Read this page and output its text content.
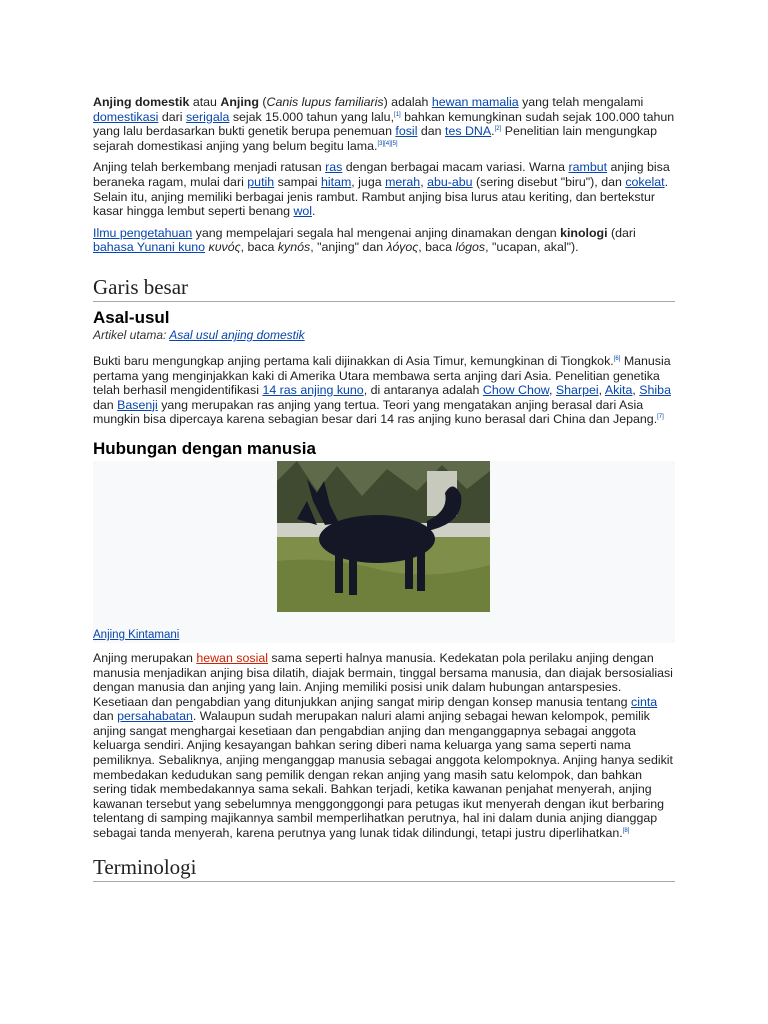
Anjing domestik atau Anjing (Canis lupus familiaris) adalah hewan mamalia yang telah mengalami domestikasi dari serigala sejak 15.000 tahun yang lalu,[1] bahkan kemungkinan sudah sejak 100.000 tahun yang lalu berdasarkan bukti genetik berupa penemuan fosil dan tes DNA.[2] Penelitian lain mengungkap sejarah domestikasi anjing yang belum begitu lama.[3][4][5]

Anjing telah berkembang menjadi ratusan ras dengan berbagai macam variasi. Warna rambut anjing bisa beraneka ragam, mulai dari putih sampai hitam, juga merah, abu-abu (sering disebut "biru"), dan cokelat. Selain itu, anjing memiliki berbagai jenis rambut. Rambut anjing bisa lurus atau keriting, dan bertekstur kasar hingga lembut seperti benang wol.

Ilmu pengetahuan yang mempelajari segala hal mengenai anjing dinamakan dengan kinologi (dari bahasa Yunani kuno κυνός, baca kynós, "anjing" dan λόγος, baca lógos, "ucapan, akal").

Garis besar
Asal-usul
Artikel utama: Asal usul anjing domestik

Bukti baru mengungkap anjing pertama kali dijinakkan di Asia Timur, kemungkinan di Tiongkok.[6] Manusia pertama yang menginjakkan kaki di Amerika Utara membawa serta anjing dari Asia. Penelitian genetika telah berhasil mengidentifikasi 14 ras anjing kuno, di antaranya adalah Chow Chow, Sharpei, Akita, Shiba dan Basenji yang merupakan ras anjing yang tertua. Teori yang mengatakan anjing berasal dari Asia mungkin bisa dipercaya karena sebagian besar dari 14 ras anjing kuno berasal dari China dan Jepang.[7]

Hubungan dengan manusia
Anjing Kintamani

Anjing merupakan hewan sosial sama seperti halnya manusia. Kedekatan pola perilaku anjing dengan manusia menjadikan anjing bisa dilatih, diajak bermain, tinggal bersama manusia, dan diajak bersosialiasi dengan manusia dan anjing yang lain. Anjing memiliki posisi unik dalam hubungan antarspesies. Kesetiaan dan pengabdian yang ditunjukkan anjing sangat mirip dengan konsep manusia tentang cinta dan persahabatan. Walaupun sudah merupakan naluri alami anjing sebagai hewan kelompok, pemilik anjing sangat menghargai kesetiaan dan pengabdian anjing dan menganggapnya sebagai anggota keluarga sendiri. Anjing kesayangan bahkan sering diberi nama keluarga yang sama seperti nama pemiliknya. Sebaliknya, anjing menganggap manusia sebagai anggota kelompoknya. Anjing hanya sedikit membedakan kedudukan sang pemilik dengan rekan anjing yang masih satu kelompok, dan bahkan sering tidak membedakannya sama sekali. Bahkan terjadi, ketika kawanan penjahat menyerah, anjing kawanan tersebut yang sebelumnya menggonggongi para petugas ikut menyerah dengan ikut berbaring telentang di samping majikannya sambil memperlihatkan perutnya, hal ini dalam dunia anjing dianggap sebagai tanda menyerah, karena perutnya yang lunak tidak dilindungi, tetapi justru diperlihatkan.[8]

Terminologi
